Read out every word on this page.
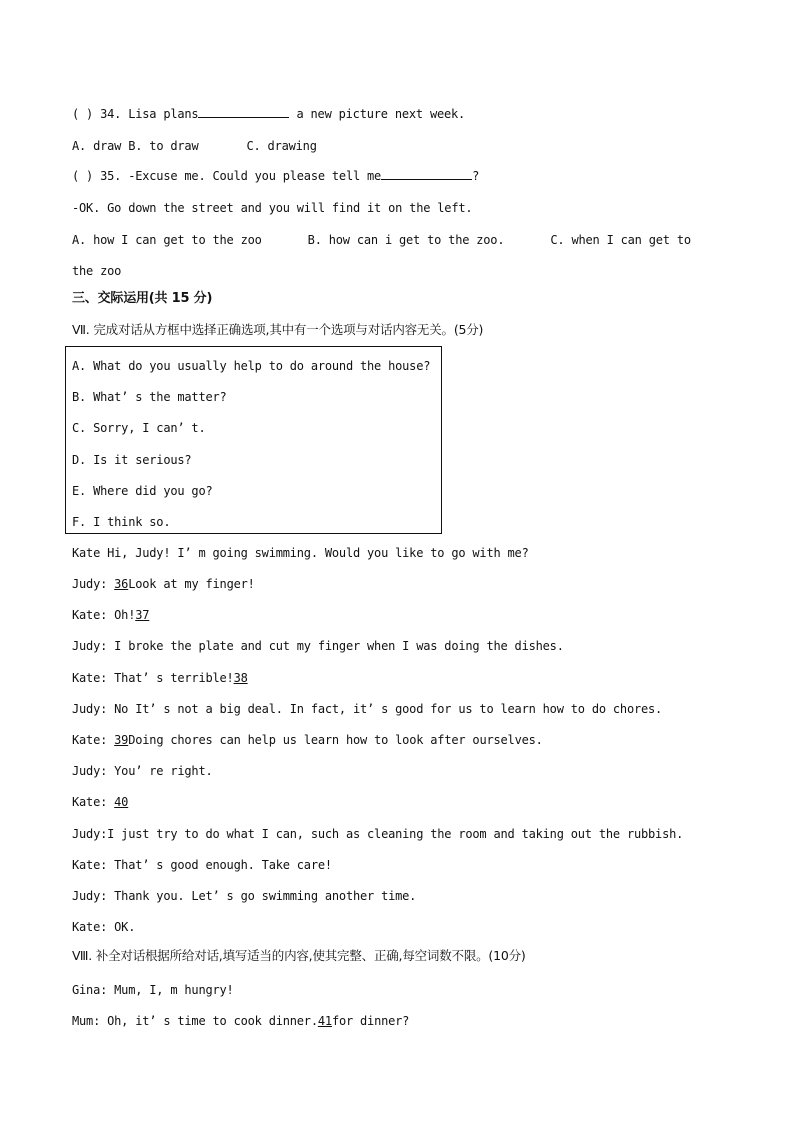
( ) 34. Lisa plans	a new picture next week.
A. draw B. to draw	C. drawing
( ) 35. -Excuse me. Could you please tell me	?
-OK. Go down the street and you will find it on the left.
A. how I can get to the zoo	B. how can i get to the zoo.	C. when I can get to
the zoo
三、交际运用(共 15 分)
Ⅶ. 完成对话从方框中选择正确选项,其中有一个选项与对话内容无关。(5分)
A. What do you usually help to do around the house?
B. What’ s the matter?
C. Sorry, I can’ t.
D. Is it serious?
E. Where did you go?
F. I think so.
Kate Hi, Judy! I’ m going swimming. Would you like to go with me?
Judy: 36Look at my finger!
Kate: Oh!37
Judy: I broke the plate and cut my finger when I was doing the dishes.
Kate: That’ s terrible!38
Judy: No It’ s not a big deal. In fact, it’ s good for us to learn how to do chores.
Kate: 39Doing chores can help us learn how to look after ourselves.
Judy: You’ re right.
Kate: 40
Judy:I just try to do what I can, such as cleaning the room and taking out the rubbish.
Kate: That’ s good enough. Take care!
Judy: Thank you. Let’ s go swimming another time.
Kate: OK.
Ⅷ. 补全对话根据所给对话,填写适当的内容,使其完整、正确,每空词数不限。(10分)
Gina: Mum, I, m hungry!
Mum: Oh, it’ s time to cook dinner.41for dinner?
